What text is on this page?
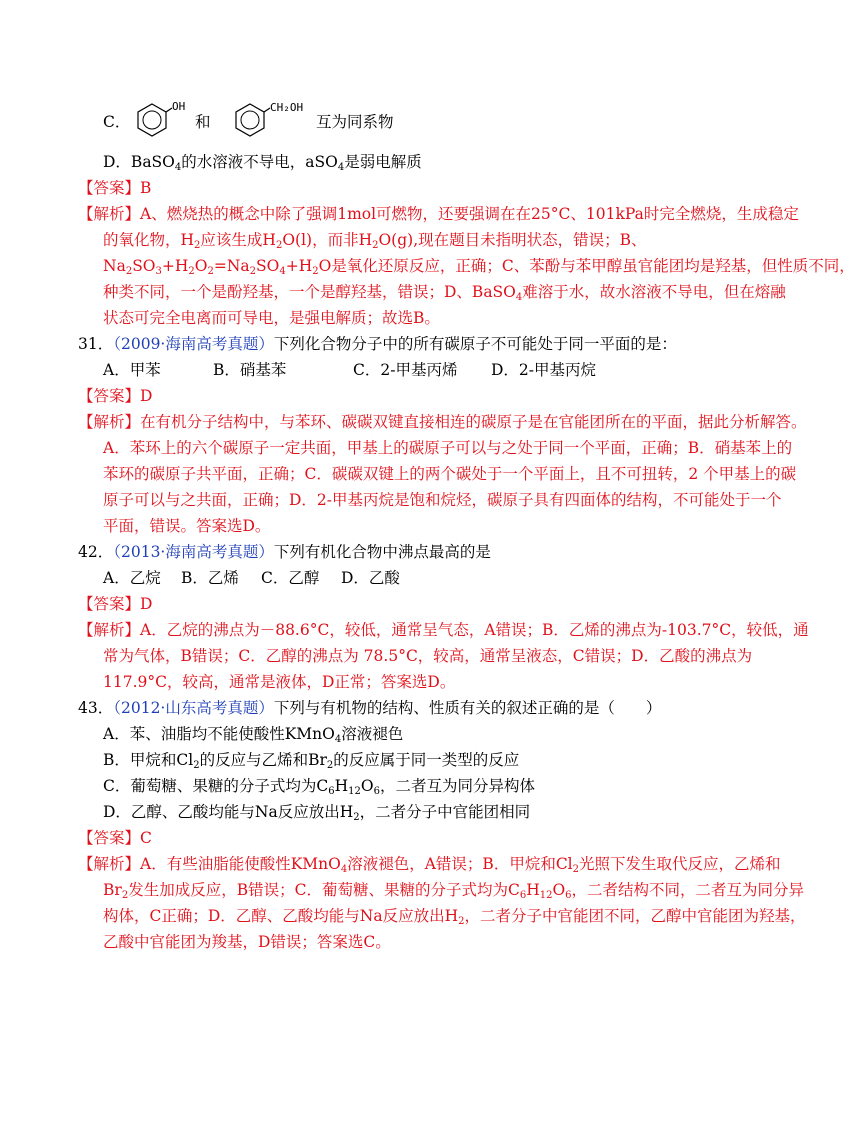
C．
OH
和
CH₂OH
互为同系物
D．BaSO$_4$的水溶液不导电，aSO$_4$是弱电解质
【答案】B
【解析】A、燃烧热的概念中除了强调1mol可燃物，还要强调在在25°C、101kPa时完全燃烧，生成稳定
的氧化物，$H_2$应该生成$H_2O(l)$，而非$H_2O(g)$,现在题目未指明状态，错误；B、
$Na_2SO_3+H_2O_2=Na_2SO_4+H_2O$是氧化还原反应，正确；C、苯酚与苯甲醇虽官能团均是羟基，但性质不同，
种类不同，一个是酚羟基，一个是醇羟基，错误；D、BaSO$_4$难溶于水，故水溶液不导电，但在熔融
状态可完全电离而可导电，是强电解质；故选B。
31．（2009·海南高考真题）下列化合物分子中的所有碳原子不可能处于同一平面的是：
A．甲苯	B．硝基苯	C．2-甲基丙烯 D．2-甲基丙烷
【答案】D
【解析】在有机分子结构中，与苯环、碳碳双键直接相连的碳原子是在官能团所在的平面，据此分析解答。
A．苯环上的六个碳原子一定共面，甲基上的碳原子可以与之处于同一个平面，正确；B．硝基苯上的
苯环的碳原子共平面，正确；C．碳碳双键上的两个碳处于一个平面上，且不可扭转，2 个甲基上的碳
原子可以与之共面，正确；D．2-甲基丙烷是饱和烷烃，碳原子具有四面体的结构，不可能处于一个
平面，错误。答案选D。
42．（2013·海南高考真题）下列有机化合物中沸点最高的是
A．乙烷 B．乙烯 C．乙醇 D．乙酸
【答案】D
【解析】A．乙烷的沸点为－88.6°C，较低，通常呈气态，A错误；B．乙烯的沸点为-103.7°C，较低，通
常为气体，B错误；C．乙醇的沸点为 78.5°C，较高，通常呈液态，C错误；D．乙酸的沸点为
117.9°C，较高，通常是液体，D正常；答案选D。
43．（2012·山东高考真题）下列与有机物的结构、性质有关的叙述正确的是（　　）
A．苯、油脂均不能使酸性KMnO$_4$溶液褪色
B．甲烷和$Cl_2$的反应与乙烯和$Br_2$的反应属于同一类型的反应
C．葡萄糖、果糖的分子式均为$C_6H_{12}O_6$，二者互为同分异构体
D．乙醇、乙酸均能与Na反应放出$H_2$，二者分子中官能团相同
【答案】C
【解析】A．有些油脂能使酸性KMnO$_4$溶液褪色，A错误；B．甲烷和$Cl_2$光照下发生取代反应，乙烯和
$Br_2$发生加成反应，B错误；C．葡萄糖、果糖的分子式均为$C_6H_{12}O_6$，二者结构不同，二者互为同分异
构体，C正确；D．乙醇、乙酸均能与Na反应放出$H_2$，二者分子中官能团不同，乙醇中官能团为羟基，
乙酸中官能团为羧基，D错误；答案选C。
